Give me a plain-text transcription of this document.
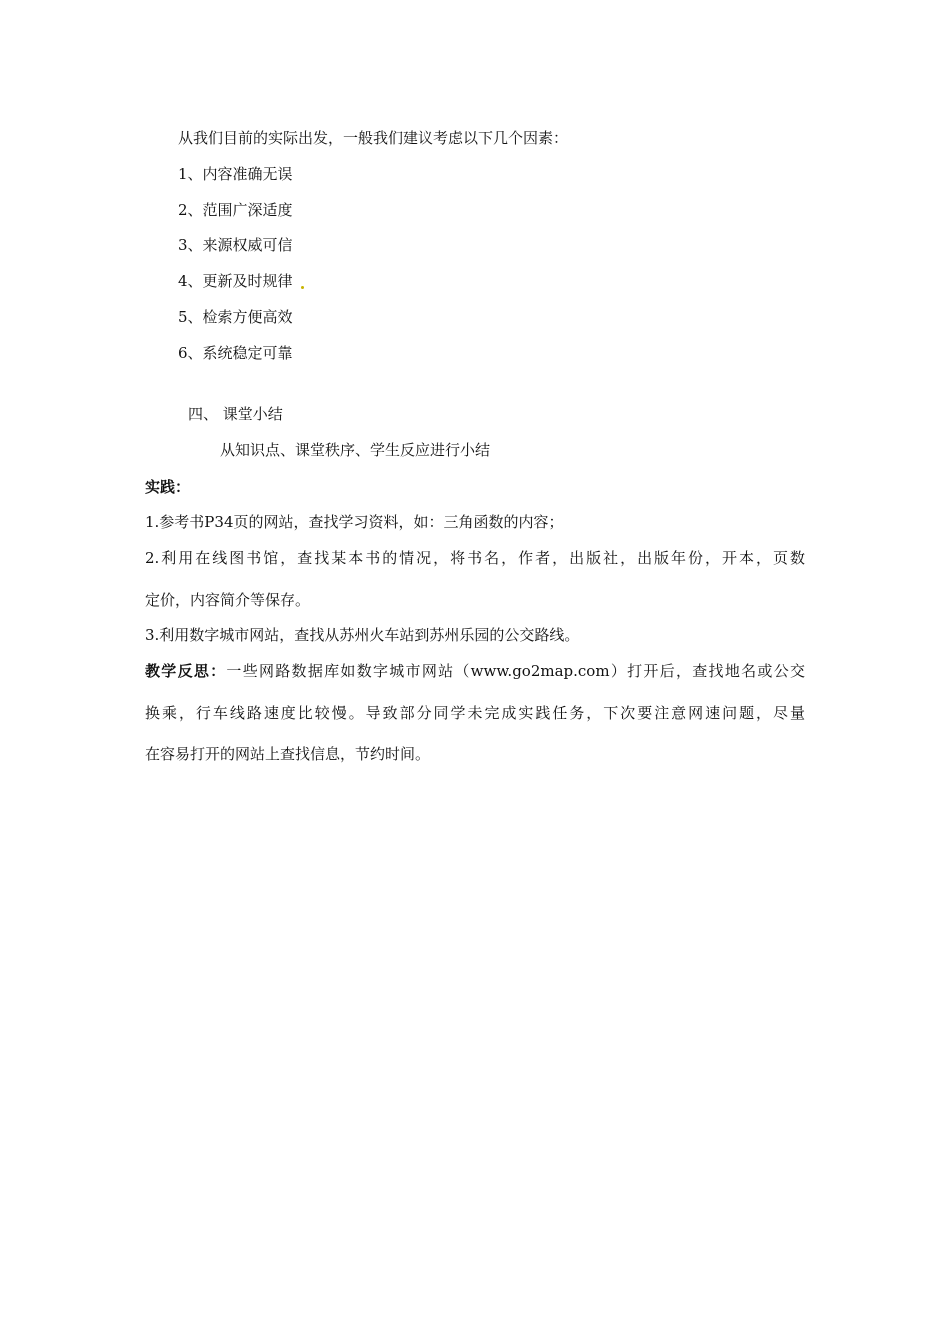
从我们目前的实际出发，一般我们建议考虑以下几个因素：
1、内容准确无误
2、范围广深适度
3、来源权威可信
4、更新及时规律
5、检索方便高效
6、系统稳定可靠
四、 课堂小结
从知识点、课堂秩序、学生反应进行小结
实践：
1.参考书P34页的网站，查找学习资料，如：三角函数的内容；
2.利用在线图书馆，查找某本书的情况，将书名，作者，出版社，出版年份，开本，页数
定价，内容简介等保存。
3.利用数字城市网站，查找从苏州火车站到苏州乐园的公交路线。
教学反思：一些网路数据库如数字城市网站（www.go2map.com）打开后，查找地名或公交
换乘，行车线路速度比较慢。导致部分同学未完成实践任务，下次要注意网速问题，尽量
在容易打开的网站上查找信息，节约时间。
